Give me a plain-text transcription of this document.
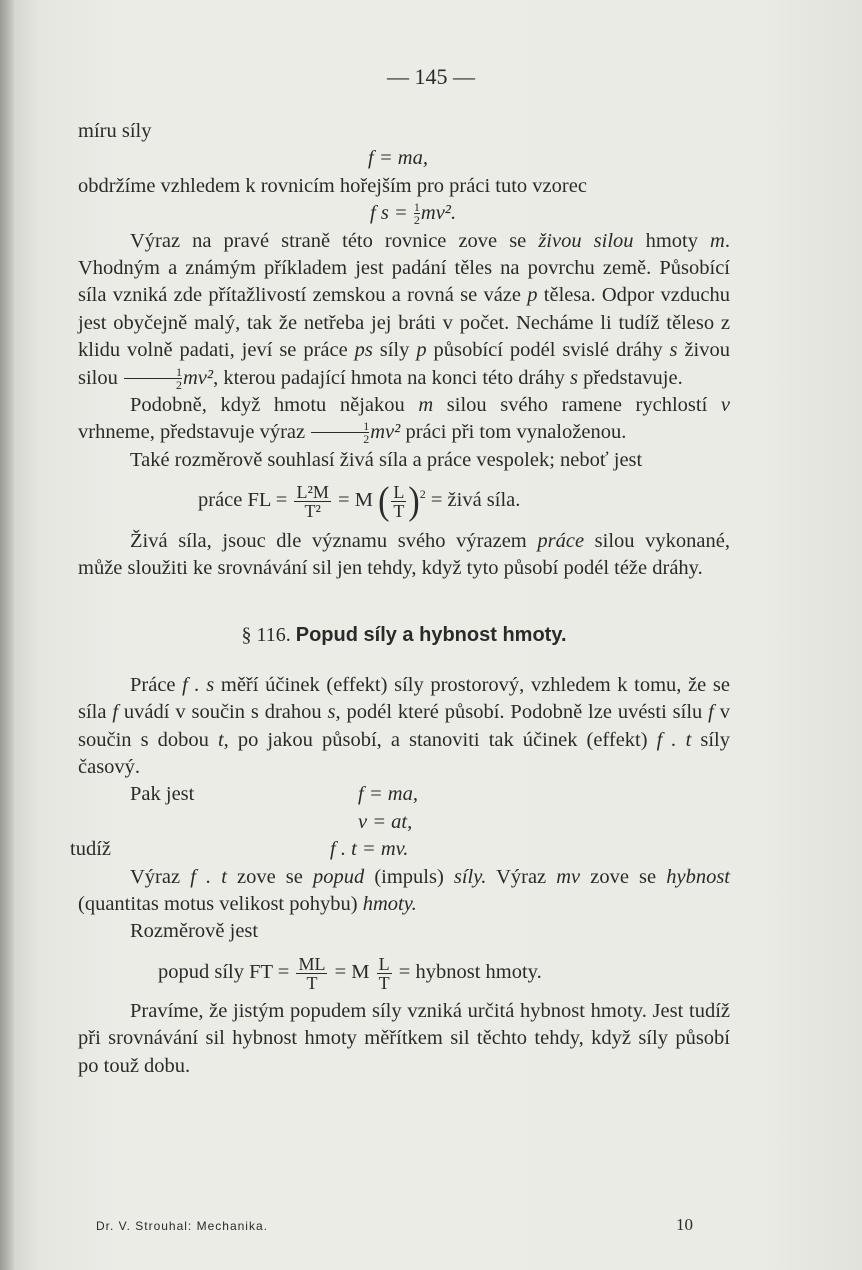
— 145 —

míru síly

f = ma,

obdržíme vzhledem k rovnicím hořejším pro práci tuto vzorec

f $s = \frac{1}{2} mv^2$.

Výraz na pravé straně této rovnice zove se živou silou hmoty m. Vhodným a známým příkladem jest padání těles na povrchu země. Působící síla vzniká zde přítažlivostí zemskou a rovná se váze p tělesa. Odpor vzduchu jest obyčejně malý, tak že netřeba jej bráti v počet. Necháme li tudíž těleso z klidu volně padati, jeví se práce ps síly p působící podél svislé dráhy s živou silou $\frac{1}{2} mv^2$, kterou padající hmota na konci této dráhy s představuje.

Podobně, když hmotu nějakou m silou svého ramene rychlostí v vrhneme, představuje výraz $\frac{1}{2} mv^2$ práci při tom vynaloženou.

Také rozměrově souhlasí živá síla a práce vespolek; neboť jest

práce FL = $\frac{\text{L²M}}{\text{T²}} = M$ ( $\frac{L}{T} )^2$ = živá síla.

Živá síla, jsouc dle významu svého výrazem práce silou vykonané, může sloužiti ke srovnávání sil jen tehdy, když tyto působí podél téže dráhy.

§ 116. Popud síly a hybnost hmoty.

Práce f . s měří účinek (effekt) síly prostorový, vzhledem k tomu, že se síla f uvádí v součin s drahou s, podél které působí. Podobně lze uvésti sílu f v součin s dobou t, po jakou působí, a stanoviti tak účinek (effekt) f . t síly časový.

Pak jest	f = ma,
v = at,
tudíž	f . t = mv.

Výraz f . t zove se popud (impuls) síly. Výraz mv zove se hybnost (quantitas motus velikost pohybu) hmoty.

Rozměrově jest

popud síly FT = $\frac{ML}{T} = M \frac{L}{T}$ = hybnost hmoty.

Pravíme, že jistým popudem síly vzniká určitá hybnost hmoty. Jest tudíž při srovnávání sil hybnost hmoty měřítkem sil těchto tehdy, když síly působí po touž dobu.

Dr. V. Strouhal: Mechanika.	10
